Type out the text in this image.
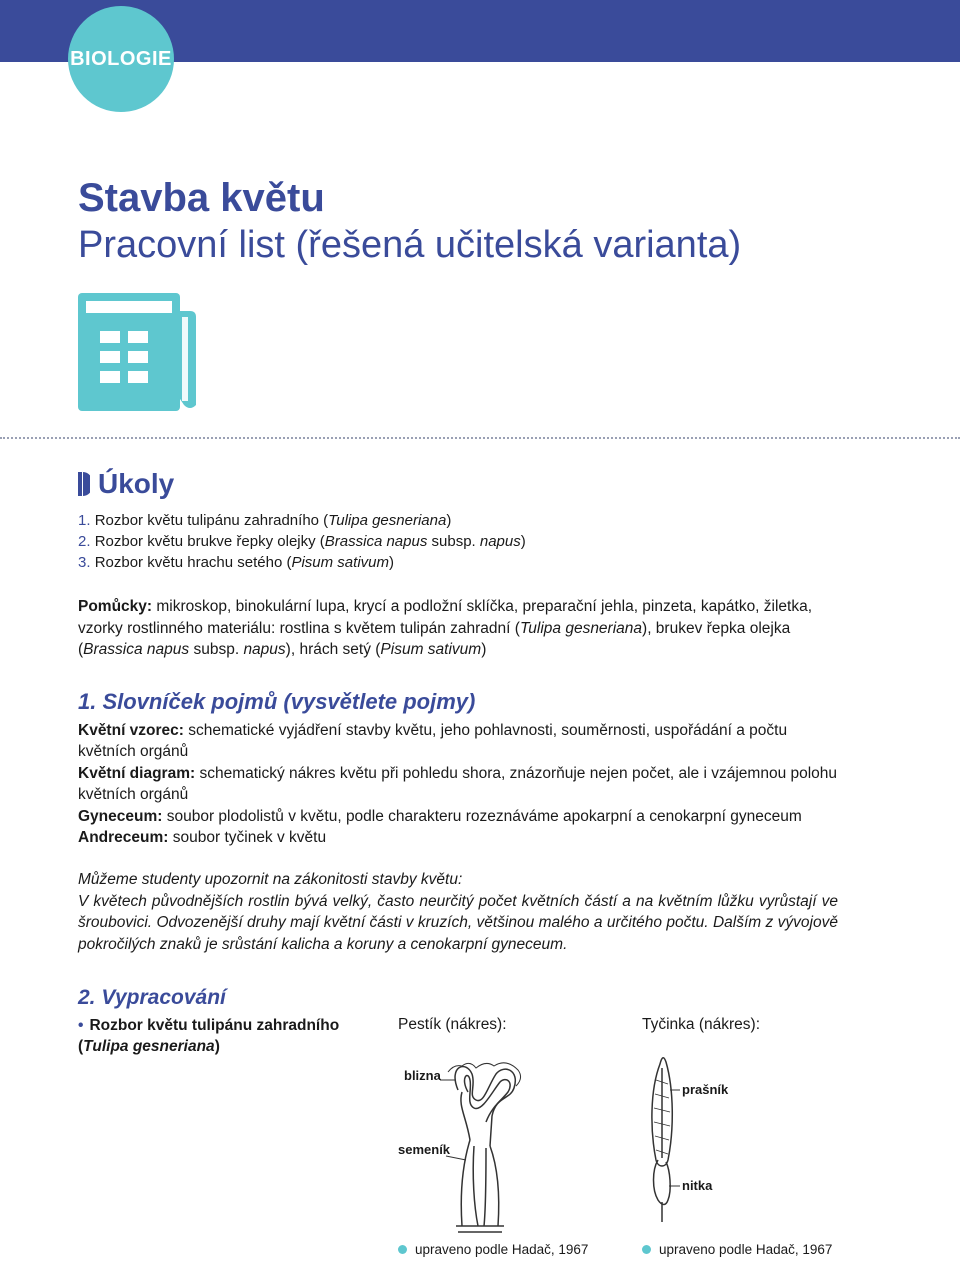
BIOLOGIE
Stavba květu
Pracovní list (řešená učitelská varianta)
Úkoly
1. Rozbor květu tulipánu zahradního (Tulipa gesneriana)
2. Rozbor květu brukve řepky olejky (Brassica napus subsp. napus)
3. Rozbor květu hrachu setého (Pisum sativum)
Pomůcky: mikroskop, binokulární lupa, krycí a podložní sklíčka, preparační jehla, pinzeta, kapátko, žiletka, vzorky rostlinného materiálu: rostlina s květem tulipán zahradní (Tulipa gesneriana), brukev řepka olejka (Brassica napus subsp. napus), hrách setý (Pisum sativum)
1. Slovníček pojmů (vysvětlete pojmy)
Květní vzorec: schematické vyjádření stavby květu, jeho pohlavnosti, souměrnosti, uspořádání a počtu květních orgánů
Květní diagram: schematický nákres květu při pohledu shora, znázorňuje nejen počet, ale i vzájemnou polohu květních orgánů
Gyneceum: soubor plodolistů v květu, podle charakteru rozeznáváme apokarpní a cenokarpní gyneceum
Andreceum: soubor tyčinek v květu
Můžeme studenty upozornit na zákonitosti stavby květu:
V květech původnějších rostlin bývá velký, často neurčitý počet květních částí a na květním lůžku vyrůstají ve šroubovici. Odvozenější druhy mají květní části v kruzích, většinou malého a určitého počtu. Dalším z vývojově pokročilých znaků je srůstání kalicha a koruny a cenokarpní gyneceum.
2. Vypracování
• Rozbor květu tulipánu zahradního
(Tulipa gesneriana)
Pestík (nákres):	Tyčinka (nákres):
blizna
semeník
prašník
nitka
upraveno podle Hadač, 1967	upraveno podle Hadač, 1967
